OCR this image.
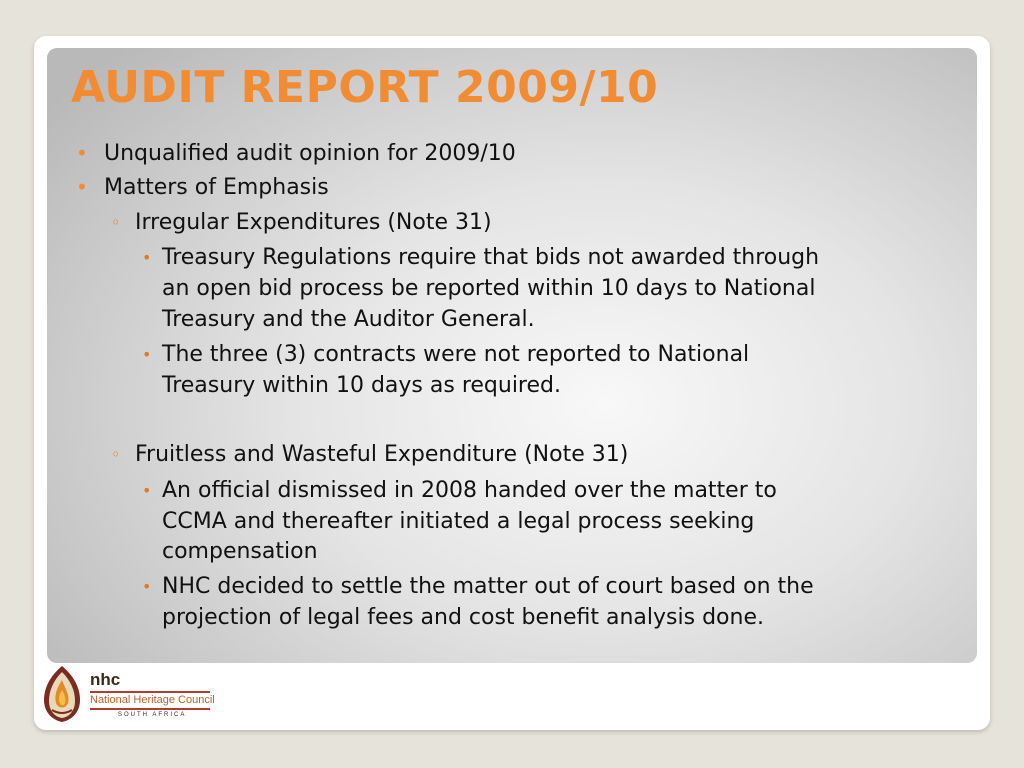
AUDIT REPORT 2009/10
• Unqualified audit opinion for 2009/10
• Matters of Emphasis
◦ Irregular Expenditures (Note 31)
• Treasury Regulations require that bids not awarded through
an open bid process be reported within 10 days to National
Treasury and the Auditor General.
• The three (3) contracts were not reported to National
Treasury within 10 days as required.
◦ Fruitless and Wasteful Expenditure (Note 31)
• An official dismissed in 2008 handed over the matter to
CCMA and thereafter initiated a legal process seeking
compensation
• NHC decided to settle the matter out of court based on the
projection of legal fees and cost benefit analysis done.
nhc
National Heritage Council
SOUTH AFRICA
